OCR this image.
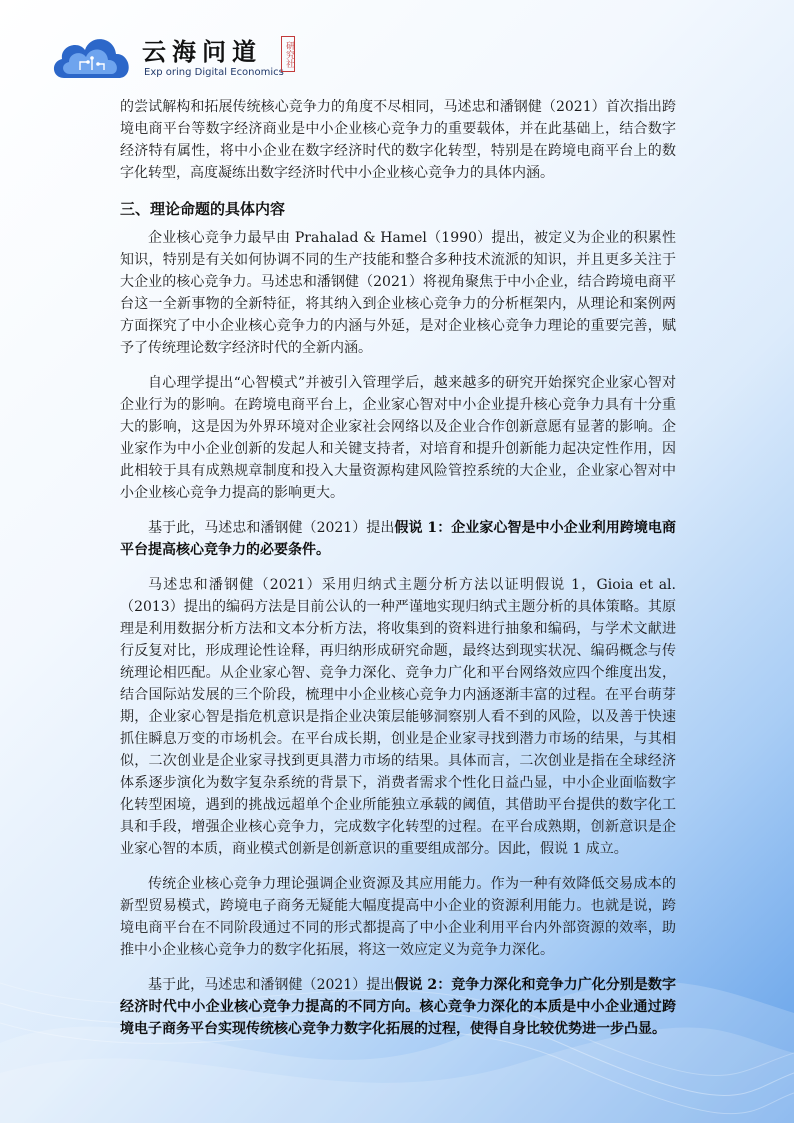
云海问道
Exp oring Digital Economics
研究社

的尝试解构和拓展传统核心竞争力的角度不尽相同，马述忠和潘钢健（2021）首次指出跨境电商平台等数字经济商业是中小企业核心竞争力的重要载体，并在此基础上，结合数字经济特有属性，将中小企业在数字经济时代的数字化转型，特别是在跨境电商平台上的数字化转型，高度凝练出数字经济时代中小企业核心竞争力的具体内涵。

三、理论命题的具体内容

企业核心竞争力最早由 Prahalad & Hamel（1990）提出，被定义为企业的积累性知识，特别是有关如何协调不同的生产技能和整合多种技术流派的知识，并且更多关注于大企业的核心竞争力。马述忠和潘钢健（2021）将视角聚焦于中小企业，结合跨境电商平台这一全新事物的全新特征，将其纳入到企业核心竞争力的分析框架内，从理论和案例两方面探究了中小企业核心竞争力的内涵与外延，是对企业核心竞争力理论的重要完善，赋予了传统理论数字经济时代的全新内涵。

自心理学提出“心智模式”并被引入管理学后，越来越多的研究开始探究企业家心智对企业行为的影响。在跨境电商平台上，企业家心智对中小企业提升核心竞争力具有十分重大的影响，这是因为外界环境对企业家社会网络以及企业合作创新意愿有显著的影响。企业家作为中小企业创新的发起人和关键支持者，对培育和提升创新能力起决定性作用，因此相较于具有成熟规章制度和投入大量资源构建风险管控系统的大企业，企业家心智对中小企业核心竞争力提高的影响更大。

基于此，马述忠和潘钢健（2021）提出假说 1：企业家心智是中小企业利用跨境电商平台提高核心竞争力的必要条件。

马述忠和潘钢健（2021）采用归纳式主题分析方法以证明假说 1，Gioia et al.（2013）提出的编码方法是目前公认的一种严谨地实现归纳式主题分析的具体策略。其原理是利用数据分析方法和文本分析方法，将收集到的资料进行抽象和编码，与学术文献进行反复对比，形成理论性诠释，再归纳形成研究命题，最终达到现实状况、编码概念与传统理论相匹配。从企业家心智、竞争力深化、竞争力广化和平台网络效应四个维度出发，结合国际站发展的三个阶段，梳理中小企业核心竞争力内涵逐渐丰富的过程。在平台萌芽期，企业家心智是指危机意识是指企业决策层能够洞察别人看不到的风险，以及善于快速抓住瞬息万变的市场机会。在平台成长期，创业是企业家寻找到潜力市场的结果，与其相似，二次创业是企业家寻找到更具潜力市场的结果。具体而言，二次创业是指在全球经济体系逐步演化为数字复杂系统的背景下，消费者需求个性化日益凸显，中小企业面临数字化转型困境，遇到的挑战远超单个企业所能独立承载的阈值，其借助平台提供的数字化工具和手段，增强企业核心竞争力，完成数字化转型的过程。在平台成熟期，创新意识是企业家心智的本质，商业模式创新是创新意识的重要组成部分。因此，假说 1 成立。

传统企业核心竞争力理论强调企业资源及其应用能力。作为一种有效降低交易成本的新型贸易模式，跨境电子商务无疑能大幅度提高中小企业的资源利用能力。也就是说，跨境电商平台在不同阶段通过不同的形式都提高了中小企业利用平台内外部资源的效率，助推中小企业核心竞争力的数字化拓展，将这一效应定义为竞争力深化。

基于此，马述忠和潘钢健（2021）提出假说 2：竞争力深化和竞争力广化分别是数字经济时代中小企业核心竞争力提高的不同方向。核心竞争力深化的本质是中小企业通过跨境电子商务平台实现传统核心竞争力数字化拓展的过程，使得自身比较优势进一步凸显。
